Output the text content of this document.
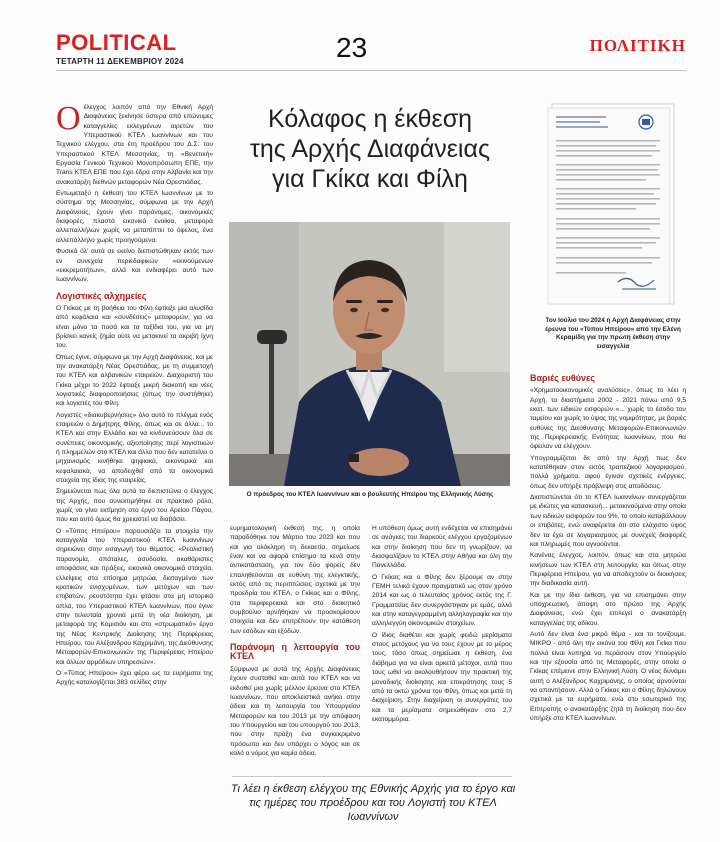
POLITICAL
ΤΕΤΑΡΤΗ 11 ΔΕΚΕΜΒΡΙΟΥ 2024	23	ΠΟΛΙΤΙΚΗ
Κόλαφος η έκθεση
της Αρχής Διαφάνειας
για Γκίκα και Φίλη
Ο έλεγχος λοιπόν από την Εθνική Αρχή Διαφάνειας ξεκίνησε ύστερα από επώνυμες καταγγελίες εκλεγμένων αιρετών του Υπεραστικού ΚΤΕΛ Ιωαννίνων και του Τεχνικού ελέγχου, στα έτη προέδρου του Δ.Σ. του Υπεραστικού ΚΤΕΛ Μεσσηνίας, τη «Βενετική» Εργασία Γενικού Τεχνικού Μονοπρόσωπη ΕΠΕ, την Trans ΚΤΕΛ ΕΠΕ που έχει έδρα στην Αλβανία και την ανακατάρξη διεθνών μεταφορών Νέα Ορεστιάδας.

Εντωμεταξύ η έκθεση του ΚΤΕΛ Ιωαννίνων με το σύστημα της Μεσσηνίας, σύμφωνα με την Αρχή Διαφάνειας, έχουν γίνει παράνομες, οικονομικές διαφορές, πλαστά εικονικά ενοίκια, μεταφορά αλλεπαλλήλων χωρίς να μεταπίπτει το όφελος, ένα αλλεπάλληλο χωρίς προηγούμενα.

Φυσικά όλ' αυτά σε εκείνο διεπιστώθηκαν εκτός των εν συνεχεία περιεδαφικών «εκινούμενων «εκκρεμοτήτων», αλλά και ενδιαφέρει αυτό των Ιωαννίνων.

Λογιστικές αλχημείες

Ο Γκίκας με τη βοήθεια του Φίλη έφτιαξε μια αλυσίδα από κεφάλαια και «συνδέσεις» μεταφορών, για να είναι μόνο τα ποσά και τα ταξίδια του, για να μη βρίσκει κανείς ζημία ούτε να μετακινεί τα ακριβή ίχνη του.

Όπως έγινε, σύμφωνα με την Αρχή Διαφάνειας, και με την ανακατάρξη Νέας Ορεστιάδας, με τη συμμετοχή του ΚΤΕΛ και αλβανικών εταιρειών. Διαχειριστή του Γκίκα μέχρι το 2022 έφτιαξε μικρή διακοπή και νέες λογιστικές διαφοροποιήσεις (όπως την συστήθηκε) και λογιστές του Φίλη.

Λογιστές «διακυβερνήσεις» όλο αυτό το πλέγμα ενός εταιρειών ο Δημήτρης Φίλης, όπως και σε άλλα... το ΚΤΕΛ και στην Ελλάδα και να κινδυνεύσουν όλα σε συνέπειες οικονομικής, αξιοποίησης περί λογιστικών ή πλημμελών στο ΚΤΕΛ και άλλο που δεν κατατείνει ο μηχανισμός κινήθηκε ψηφιακά, οικονομικά και κεφαλαιακά, να αποδειχθεί από τα οικονομικά στοιχεία της ίδιας της εταιρείας.

Σημειώνεται πως όλα αυτά τα διεπιστώνει ο έλεγχος της Αρχής, που συνεκτιμήθηκε σε πρακτικό ρόλο, χωρίς να γίνει εκτίμηση στο έργο του Αρείου Πάγου, που και αυτό όμως θα χρειαστεί να διαβάσει.

Ο «Τύπος Ηπείρου» παρουσιάζει τα στοιχεία την καταγγελία του Υπεραστικού ΚΤΕΛ Ιωαννίνων σημειώνει στην εισαγωγή του θέματος: «Ρεαλιστική παρανομία, σπάταλες, ασυδοσία, ακαθάριστες αποφάσεις και πράξεις, εικονικά οικονομικά στοιχεία, ελλείψεις στα επίσημα μητρώα, διαταγμένοι των κρατικών ενισχυμένων, των μετόχων και των επιβατών, ρευστότητα έχει φτάσει στα μη ιστορικά απλά, του Υπεραστικού ΚΤΕΛ Ιωαννίνων, που έγινε στην τελευταία χρονιά μετά τη νέα διοίκηση, με μεταφορά της Κομισιόν και στο «στρωματικό» έργο της Νέας Κεντρικής Διοίκησης της Περιφέρειας Ηπείρου, του Αλέξανδρου Καχριμάνη, της Διεύθυνσης Μεταφορών-Επικοινωνιών της Περιφέρειας Ηπείρου και άλλων αρμόδιων υπηρεσιών».

Ο «Τύπος Ηπείρου» έχει φέρει ως τα ευρήματα της Αρχής καταλογίζεται 383 σελίδες στην

Ο πρόεδρος του ΚΤΕΛ Ιωαννίνων και ο βουλευτής Ηπείρου της Ελληνικής Λύσης

ευρηματολογική έκθεσή της, η οποία παραδόθηκε τον Μάρτιο του 2023 και που και για ολόκληρη τη δεκαετία, σημείωσε έναν και να αφορά επίσημα τα κενά στην αντικατάσταση, για τον δύο φορείς δεν επαληθεύονται σε ευθύνη της ελεγκτικής, εκτός από τις περιπτώσεις σχετικά με την προεδρία του ΚΤΕΛ, ο Γκίκας και ο Φίλης, στα περιφερειακά και στο διοικητικό συμβούλιο αρνήθηκαν να προσκομίσουν στοιχεία και δεν επιτρέπουν την κατάθεση των εσόδων και εξόδων.

Παράνομη η λειτουργία του ΚΤΕΛ

Σύμφωνα με αυτά της Αρχής Διαφάνειας έχουν συσταθεί και αυτά του ΚΤΕΛ και να εκδοθεί μια χωρίς μέλλον έρευνα στο ΚΤΕΛ Ιωαννίνων, που αποκλειστικά ανήκει στην άδεια και τη λειτουργία του Υπουργείου Μεταφορών και του 2013 με την απόφαση του Υπουργείου και του υπουργού του 2013, που στην πράξη ένα συγκεκριμένο πρόσωπο και δεν υπάρχει ο λόγος και σε καλό ο νόμος για καμία άδεια.

Η υπόθεση όμως αυτή ενδέχεται να επισημάνει σε ανάγκες του διαρκούς ελέγχου εργαζομένων και στην διοίκηση που δεν τη γνωρίζουν, να διασφαλίζουν το ΚΤΕΛ στην Αθήνα και όλη την Πανελλάδα.

Ο Γκίκας και ο Φίλης δεν ξέρουμε αν στην ΓΕΜΗ τελικά έχουν πραγματικό ως στον χρόνο 2014 και ως ο τελευταίος χρόνος εκτός της Γ. Γραμματείας δεν συνεργάστηκαν με εμάς, αλλά και στην καταγεγραμμένη αλληλογραφία και την αλληλεγγύη οικονομικών στοιχείων.

Ο ίδιος διαθέτει και χωρίς φειδώ μερίσματα στους μετόχους για να τους έχουν με το μέρος τους, τόσο όπως σημείωσε η έκθεση, ένα διάβημα για να είναι αρκετά μέτοχοι, αυτά που τους ωθεί να ακολουθήσουν την πρακτική της μοναδικής διοίκησης και επικράτησης τους 5 από τα οκτώ χρόνια του Φίλη, όπως και μετά τη διαχείριση. Στην διαχείριση οι συνεργάτες του και τα μερίσματα σημειώθηκαν στο 2,7 εκατομμύρια.

Τον Ιούλιο του 2024 η Αρχή Διαφάνειας στην έρευνα του «Τύπου Ηπείρου» από την Ελένη Κεραμίδη για την πρώτη έκθεση στην εισαγγελία
Βαριές ευθύνες

«Χρηματοοικονομικές αναλύσεις», όπως το λέει η Αρχή, τα διαστήματα 2002 - 2021 πάνω από 9,5 εκατ. των ειδικών εισφορών «... χωρίς το έσοδο του ταμείου και χωρίς το ύψος της νομιμότητας, με βαριές ευθύνες της Διεύθυνσης Μεταφορών-Επικοινωνιών της Περιφερειακής Ενότητας Ιωαννίνων, που θα όφειλαν να ελέγχουν.

Υπογραμμίζεται δε από την Αρχή πως δεν κατατέθηκαν στον εκτός τραπεζικού λογαριασμού, πολλά χρήματα, αφού έγιναν σχετικές ενέργειες, όπως δεν υπήρξε πρόβλεψη στις αποδόσεις.

Διαπιστώνεται ότι το ΚΤΕΛ Ιωαννίνων συνεργάζεται με ιδιώτες για κατασκευή... μετακινούμενα στην οποία των ειδικών εισφορών του 9%, το οποίο καταβάλλουν οι επιβάτες, ενώ αναφέρεται ότι στο ελάχιστο ύψος δεν τα έχει σε λογαριασμούς με συνεχείς διαφορές και πληρωμές που αγνοούνται.

Κανένας έλεγχος, λοιπόν, όπως και στα μητρώα κινήσεων των ΚΤΕΛ στη λειτουργία, και όπως στην Περιφέρεια Ηπείρου, για να αποδεχτούν οι διοικήσεις την διαδικασία αυτή.

Και με την ίδια έκθεση, για να επισημάνει στην υποχρεωτική, άποψη στο πρώτο της Αρχής Διαφάνειας, ενώ έχει επιλεγεί ο ανακατάρξη καταγγελίας της αδίκου.

Αυτό δεν είναι ένα μικρό θέμα - και το τονίζουμε, ΜΙΚΡΟ - από όλη την εικόνα του Φίλη και Γκίκα που πολλά είναι λυπηρά να περάσουν στον Υπουργείο και την εξουσία από τις Μεταφορές, στην οποία ο Γκίκας επέμεινε στην Ελληνική Λύση. Ο νέος δυνάμει αυτή ο Αλέξανδρος Καχριμάνης, ο οποίος αρνούνται να απαντήσουν. Αλλά ο Γκίκας και ο Φίλης δηλώνουν σχετικά με τα ευρήματα, ενώ στο εσωτερικό της Επιτροπής ο ανακατάρξης ζητά τη διοίκηση που δεν υπήρξε στα ΚΤΕΛ Ιωαννίνων.

Τι λέει η έκθεση ελέγχου της Εθνικής Αρχής για το έργο και τις ημέρες του προέδρου και του Λογιστή του ΚΤΕΛ Ιωαννίνων
